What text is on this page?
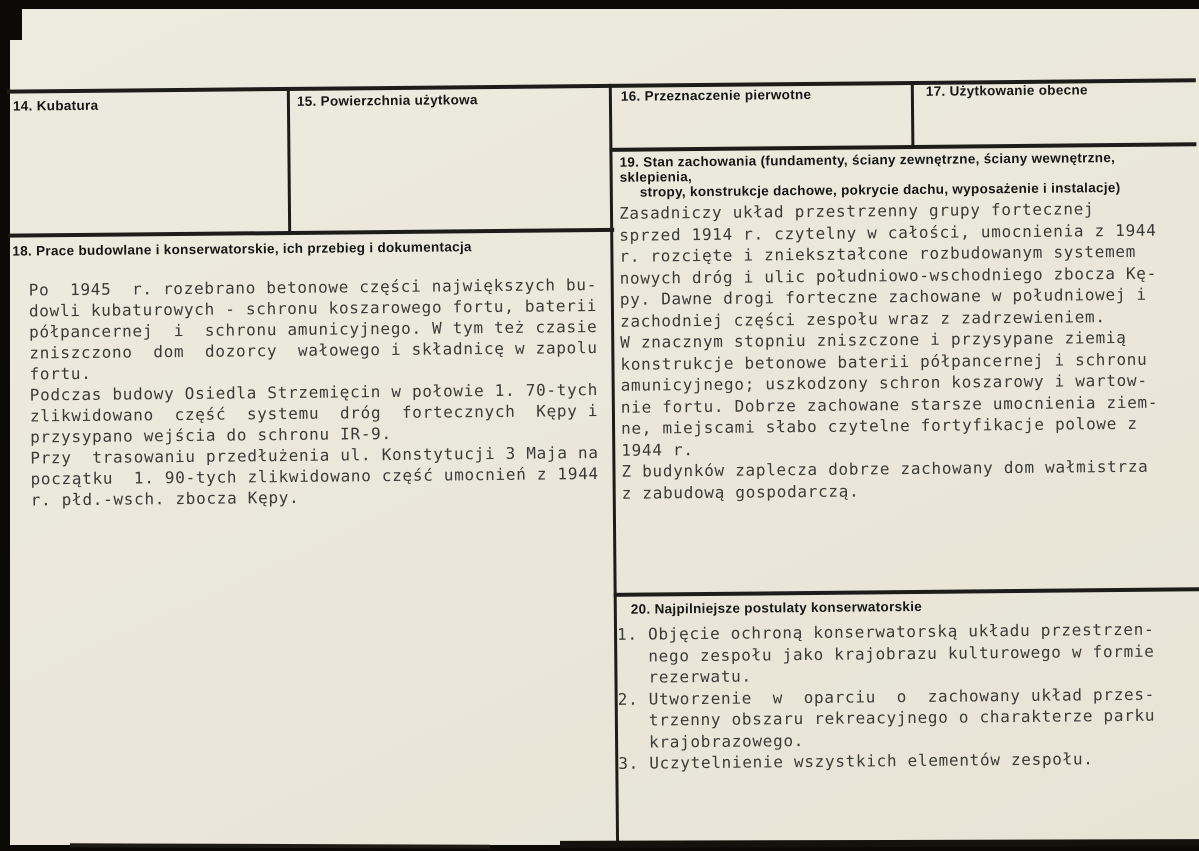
14. Kubatura	15. Powierzchnia użytkowa	16. Przeznaczenie pierwotne	17. Użytkowanie obecne
18. Prace budowlane i konserwatorskie, ich przebieg i dokumentacja
19. Stan zachowania (fundamenty, ściany zewnętrzne, ściany wewnętrzne, sklepienia,
stropy, konstrukcje dachowe, pokrycie dachu, wyposażenie i instalacje)
20. Najpilniejsze postulaty konserwatorskie
Po  1945  r. rozebrano betonowe części największych bu-
dowli kubaturowych - schronu koszarowego fortu, baterii
półpancernej  i  schronu amunicyjnego. W tym też czasie
zniszczono  dom  dozorcy  wałowego i składnicę w zapolu
fortu.
Podczas budowy Osiedla Strzemięcin w połowie 1. 70-tych
zlikwidowano  część  systemu  dróg  fortecznych  Kępy i
przysypano wejścia do schronu IR-9.
Przy  trasowaniu przedłużenia ul. Konstytucji 3 Maja na
początku  1. 90-tych zlikwidowano część umocnień z 1944
r. płd.-wsch. zbocza Kępy.
Zasadniczy układ przestrzenny grupy fortecznej
sprzed 1914 r. czytelny w całości, umocnienia z 1944
r. rozcięte i zniekształcone rozbudowanym systemem
nowych dróg i ulic południowo-wschodniego zbocza Kę-
py. Dawne drogi forteczne zachowane w południowej i
zachodniej części zespołu wraz z zadrzewieniem.
W znacznym stopniu zniszczone i przysypane ziemią
konstrukcje betonowe baterii półpancernej i schronu
amunicyjnego; uszkodzony schron koszarowy i wartow-
nie fortu. Dobrze zachowane starsze umocnienia ziem-
ne, miejscami słabo czytelne fortyfikacje polowe z
1944 r.
Z budynków zaplecza dobrze zachowany dom wałmistrza
z zabudową gospodarczą.
1. Objęcie ochroną konserwatorską układu przestrzen-
nego zespołu jako krajobrazu kulturowego w formie
rezerwatu.
2. Utworzenie  w  oparciu  o  zachowany układ przes-
trzenny obszaru rekreacyjnego o charakterze parku
krajobrazowego.
3. Uczytelnienie wszystkich elementów zespołu.
